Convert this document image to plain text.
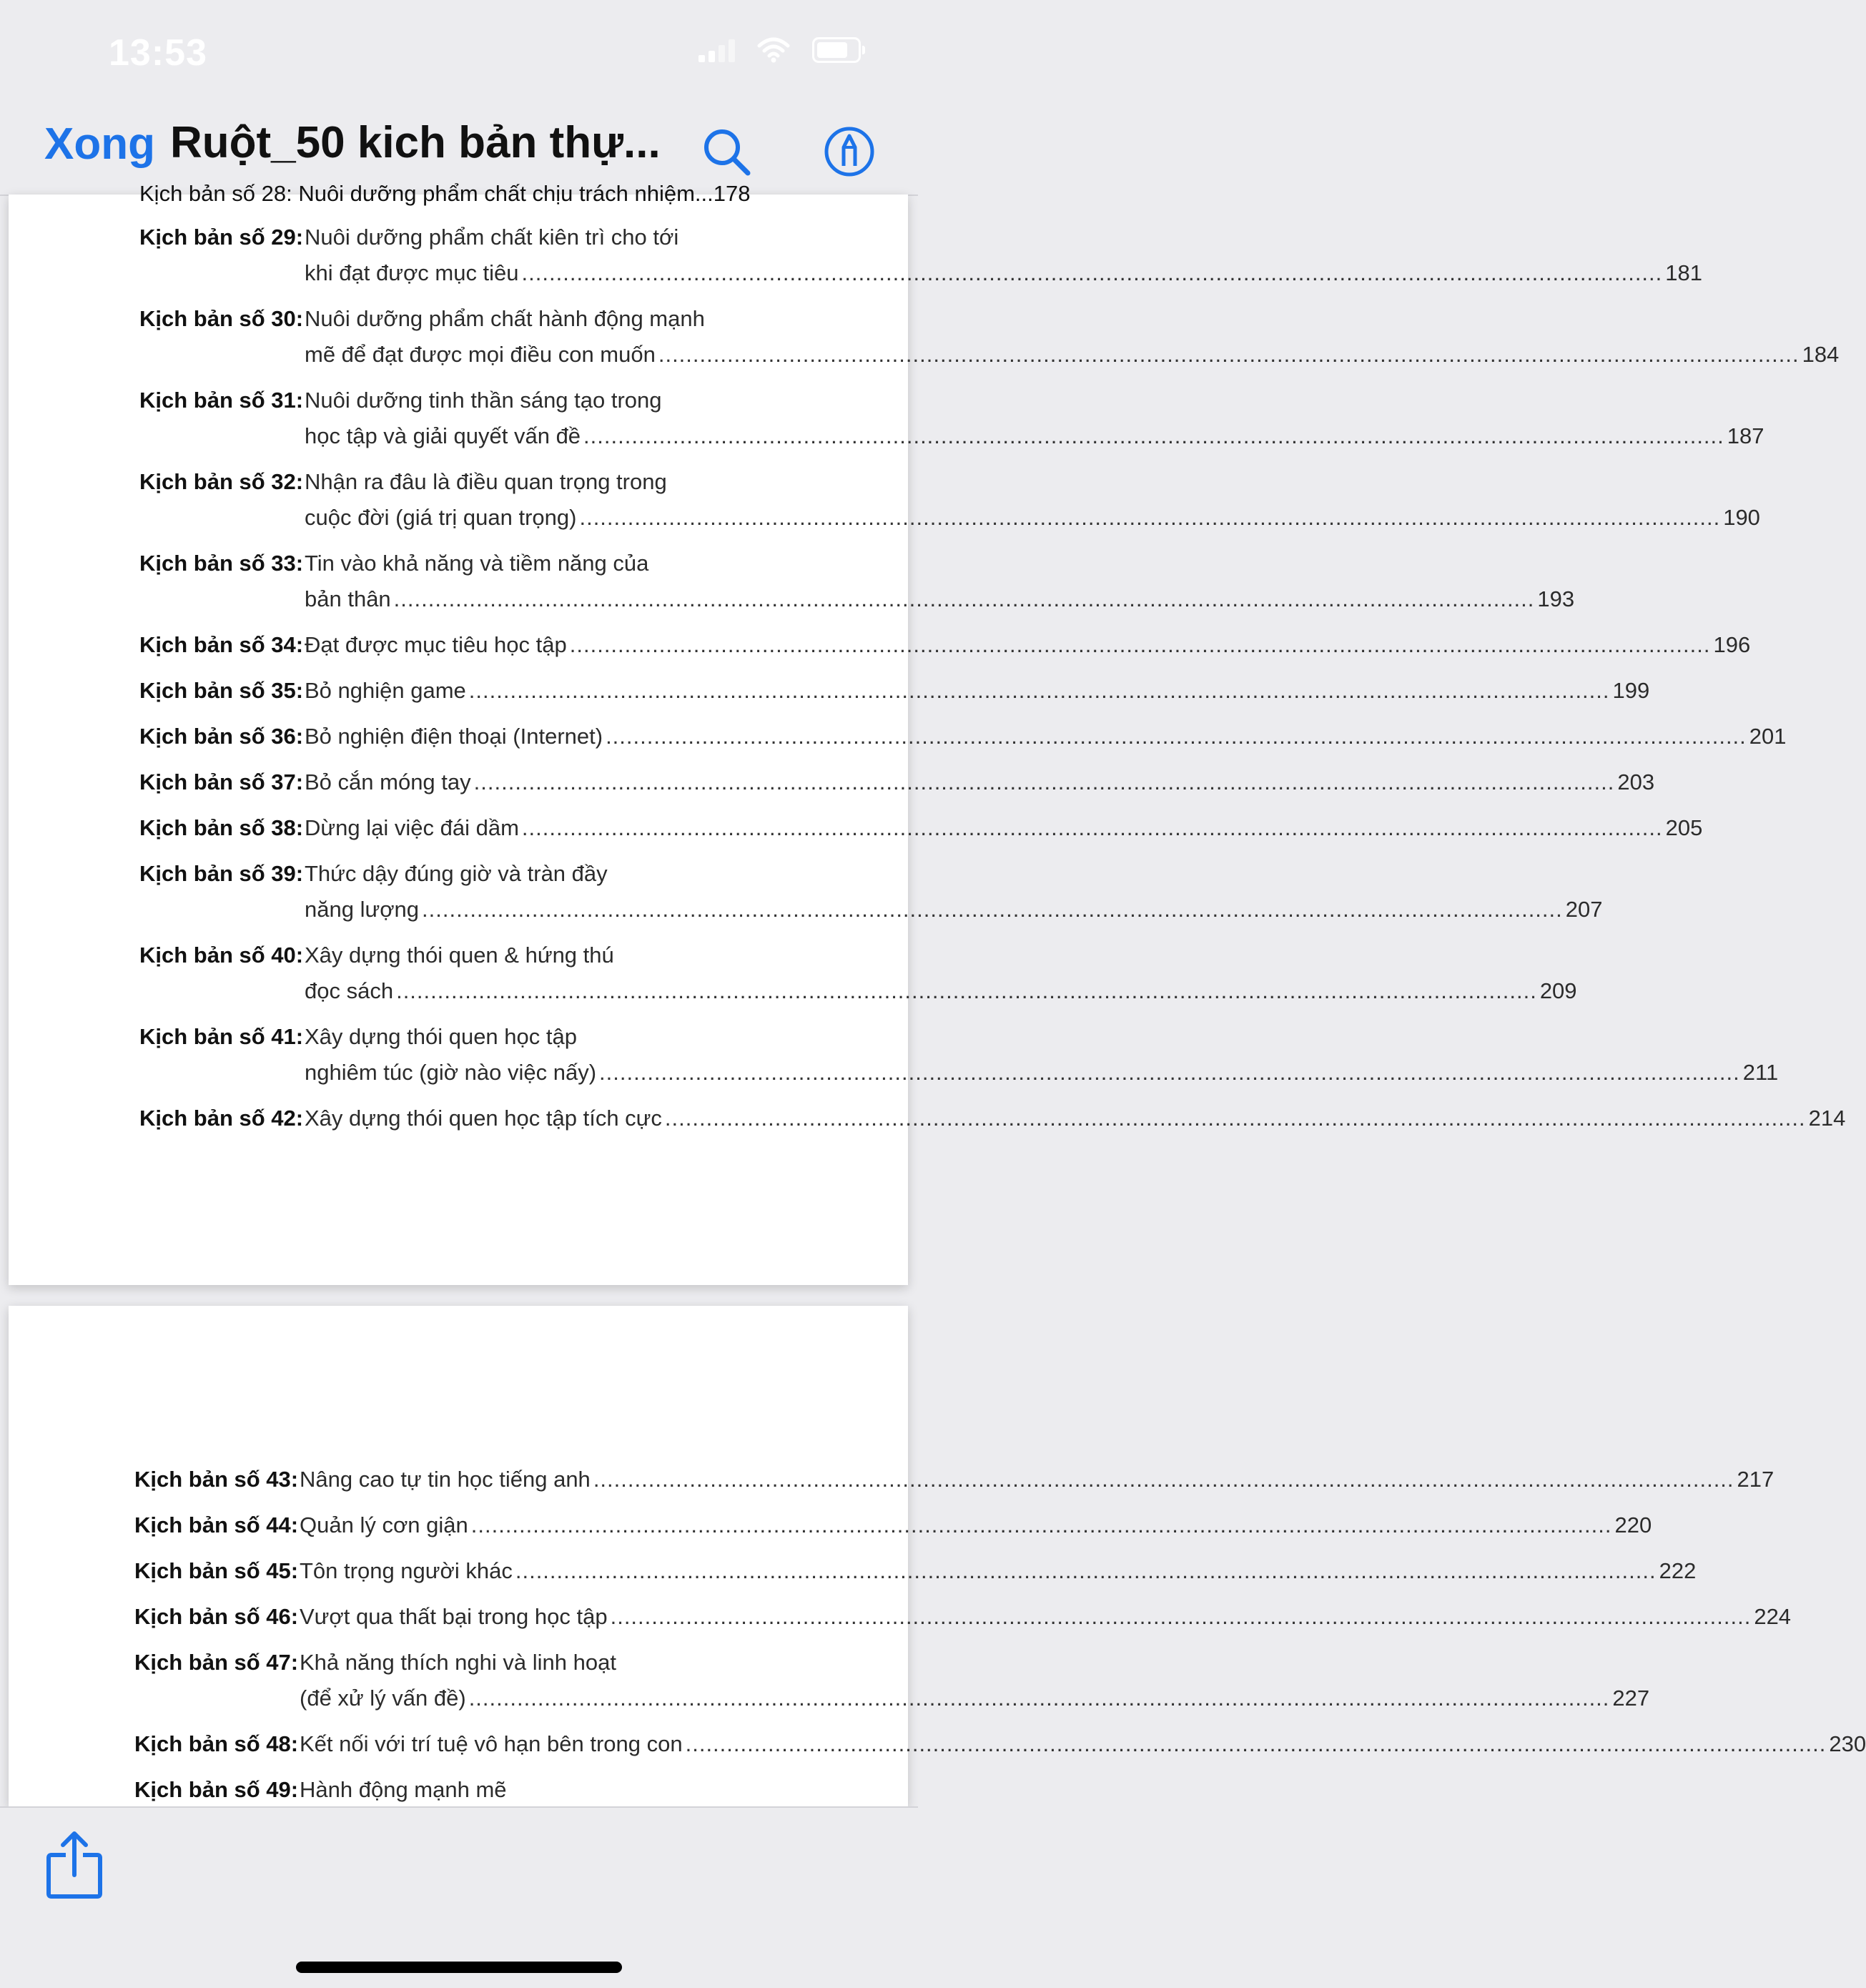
13:53
Xong Ruột_50 kich bản thự...
Kịch bản số 28: Nuôi dưỡng phẩm chất chịu trách nhiệm...178
Kịch bản số 29: Nuôi dưỡng phẩm chất kiên trì cho tới
khi đạt được mục tiêu .....	181
Kịch bản số 30: Nuôi dưỡng phẩm chất hành động mạnh
mẽ để đạt được mọi điều con muốn .....	184
Kịch bản số 31: Nuôi dưỡng tinh thần sáng tạo trong
học tập và giải quyết vấn đề .....	187
Kịch bản số 32: Nhận ra đâu là điều quan trọng trong
cuộc đời (giá trị quan trọng) .....	190
Kịch bản số 33: Tin vào khả năng và tiềm năng của
bản thân .....	193
Kịch bản số 34: Đạt được mục tiêu học tập .....	196
Kịch bản số 35: Bỏ nghiện game .....	199
Kịch bản số 36: Bỏ nghiện điện thoại (Internet) .....	201
Kịch bản số 37: Bỏ cắn móng tay .....	203
Kịch bản số 38: Dừng lại việc đái dầm .....	205
Kịch bản số 39: Thức dậy đúng giờ và tràn đầy
năng lượng .....	207
Kịch bản số 40: Xây dựng thói quen & hứng thú
đọc sách .....	209
Kịch bản số 41: Xây dựng thói quen học tập
nghiêm túc (giờ nào việc nấy) .....	211
Kịch bản số 42: Xây dựng thói quen học tập tích cực .....	214
Kịch bản số 43: Nâng cao tự tin học tiếng anh .....	217
Kịch bản số 44: Quản lý cơn giận .....	220
Kịch bản số 45: Tôn trọng người khác .....	222
Kịch bản số 46: Vượt qua thất bại trong học tập .....	224
Kịch bản số 47: Khả năng thích nghi và linh hoạt
(để xử lý vấn đề) .....	227
Kịch bản số 48: Kết nối với trí tuệ vô hạn bên trong con .....	230
Kịch bản số 49: Hành động mạnh mẽ
